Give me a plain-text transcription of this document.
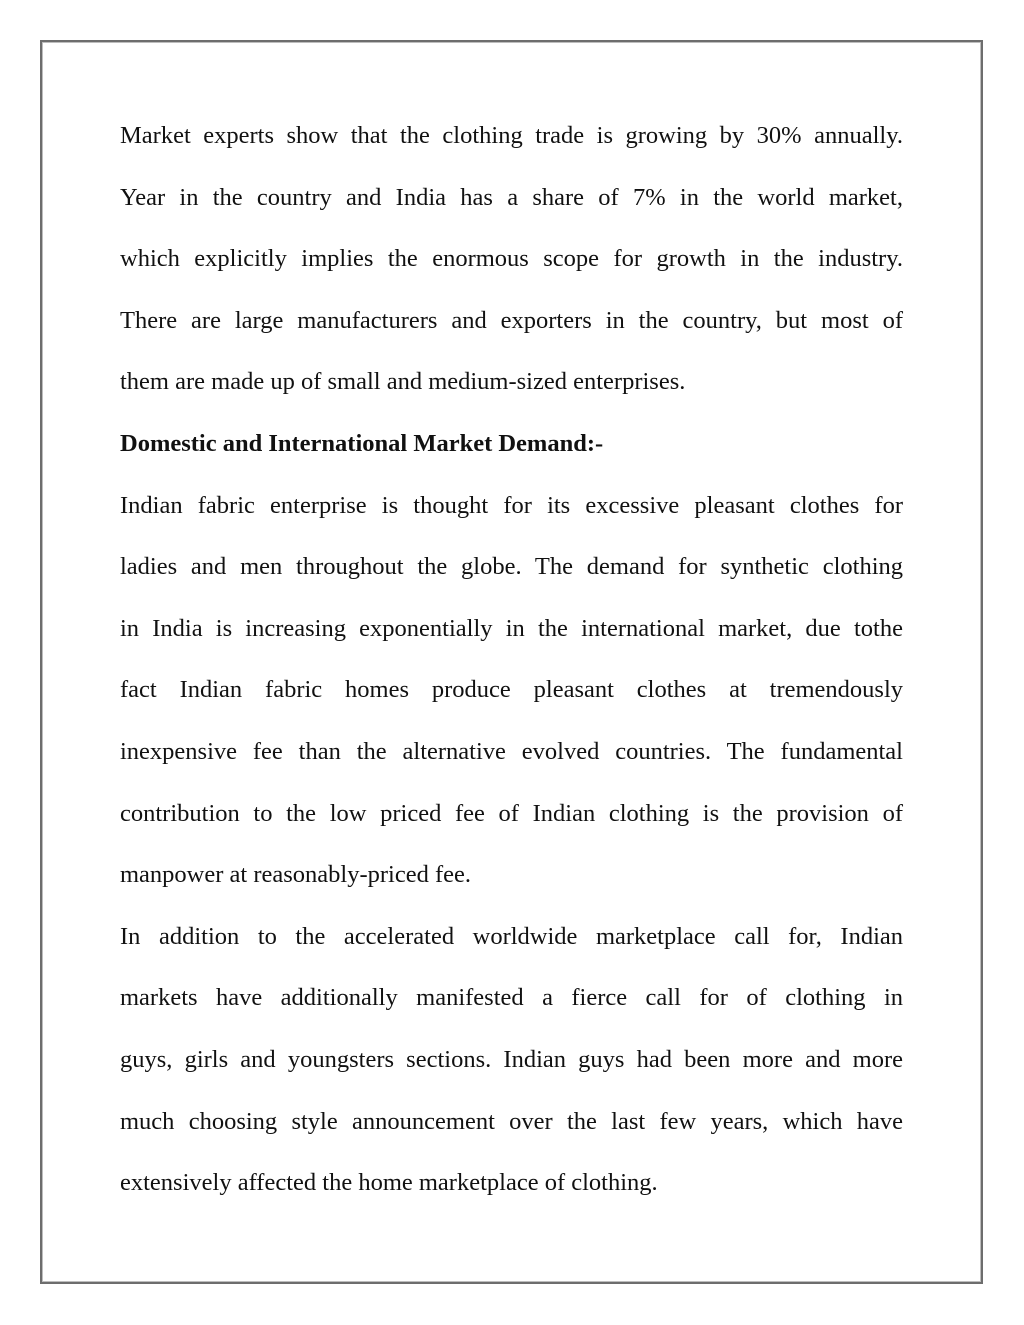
Market experts show that the clothing trade is growing by 30% annually.
Year in the country and India has a share of 7% in the world market,
which explicitly implies the enormous scope for growth in the industry.
There are large manufacturers and exporters in the country, but most of
them are made up of small and medium-sized enterprises.
Domestic and International Market Demand:-
Indian fabric enterprise is thought for its excessive pleasant clothes for
ladies and men throughout the globe. The demand for synthetic clothing
in India is increasing exponentially in the international market, due tothe
fact Indian fabric homes produce pleasant clothes at tremendously
inexpensive fee than the alternative evolved countries. The fundamental
contribution to the low priced fee of Indian clothing is the provision of
manpower at reasonably-priced fee.
In addition to the accelerated worldwide marketplace call for, Indian
markets have additionally manifested a fierce call for of clothing in
guys, girls and youngsters sections. Indian guys had been more and more
much choosing style announcement over the last few years, which have
extensively affected the home marketplace of clothing.
